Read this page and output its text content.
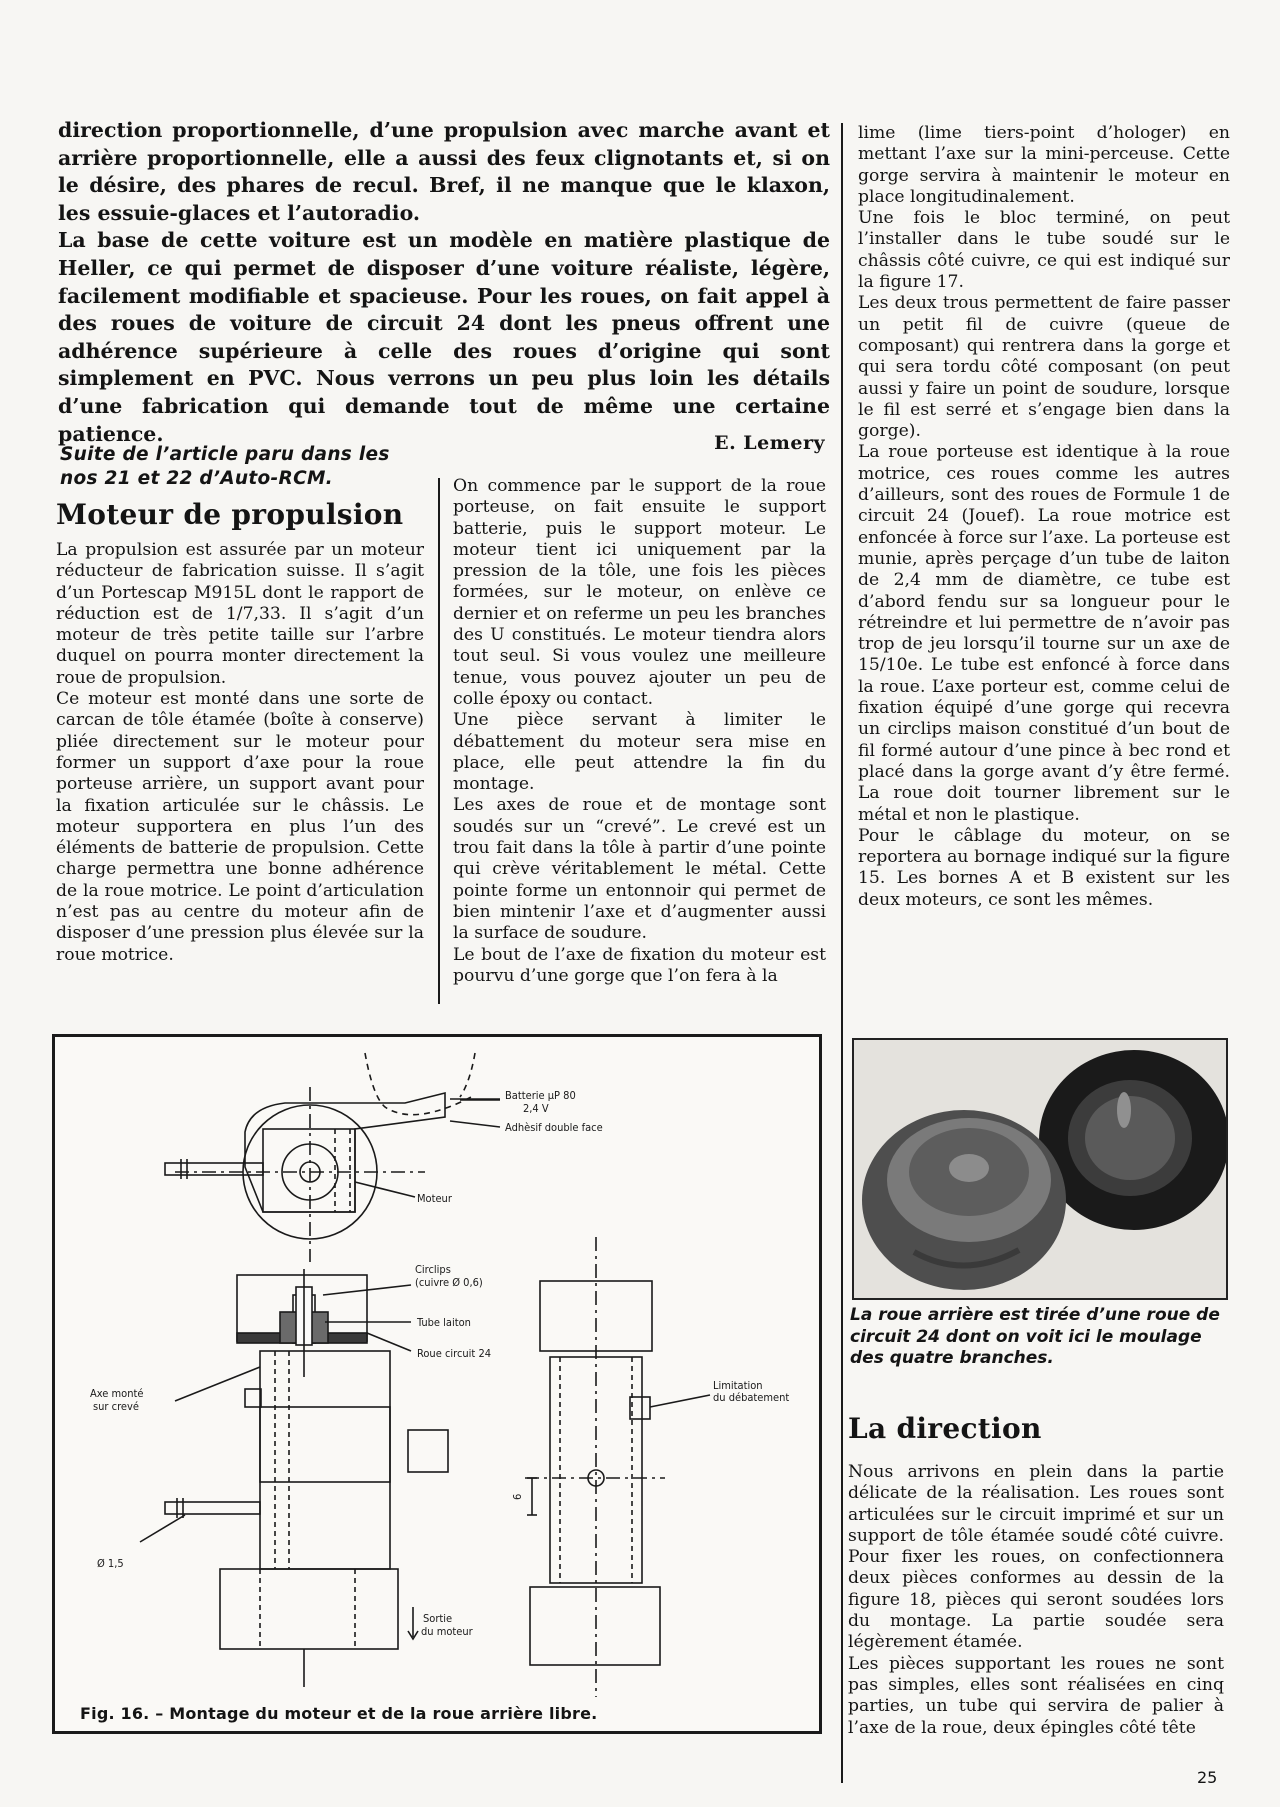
direction proportionnelle, d’une propulsion avec marche avant et arrière proportionnelle, elle a aussi des feux clignotants et, si on le désire, des phares de recul. Bref, il ne manque que le klaxon, les essuie-glaces et l’autoradio.

La base de cette voiture est un modèle en matière plastique de Heller, ce qui permet de disposer d’une voiture réaliste, légère, facilement modifiable et spacieuse. Pour les roues, on fait appel à des roues de voiture de circuit 24 dont les pneus offrent une adhérence supérieure à celle des roues d’origine qui sont simplement en PVC. Nous verrons un peu plus loin les détails d’une fabrication qui demande tout de même une certaine patience.	E. Lemery
Suite de l’article paru dans les
nos 21 et 22 d’Auto-RCM.
Moteur de propulsion

La propulsion est assurée par un moteur réducteur de fabrication suisse. Il s’agit d’un Portescap M915L dont le rapport de réduction est de 1/7,33. Il s’agit d’un moteur de très petite taille sur l’arbre duquel on pourra monter directement la roue de propulsion.

Ce moteur est monté dans une sorte de carcan de tôle étamée (boîte à conserve) pliée directement sur le moteur pour former un support d’axe pour la roue porteuse arrière, un support avant pour la fixation articulée sur le châssis. Le moteur supportera en plus l’un des éléments de batterie de propulsion. Cette charge permettra une bonne adhérence de la roue motrice. Le point d’articulation n’est pas au centre du moteur afin de disposer d’une pression plus élevée sur la roue motrice.

On commence par le support de la roue porteuse, on fait ensuite le support batterie, puis le support moteur. Le moteur tient ici uniquement par la pression de la tôle, une fois les pièces formées, sur le moteur, on enlève ce dernier et on referme un peu les branches des U constitués. Le moteur tiendra alors tout seul. Si vous voulez une meilleure tenue, vous pouvez ajouter un peu de colle époxy ou contact.

Une pièce servant à limiter le débattement du moteur sera mise en place, elle peut attendre la fin du montage.

Les axes de roue et de montage sont soudés sur un “crevé”. Le crevé est un trou fait dans la tôle à partir d’une pointe qui crève véritablement le métal. Cette pointe forme un entonnoir qui permet de bien mintenir l’axe et d’augmenter aussi la surface de soudure.

Le bout de l’axe de fixation du moteur est pourvu d’une gorge que l’on fera à la

lime (lime tiers-point d’hologer) en mettant l’axe sur la mini-perceuse. Cette gorge servira à maintenir le moteur en place longitudinalement.

Une fois le bloc terminé, on peut l’installer dans le tube soudé sur le châssis côté cuivre, ce qui est indiqué sur la figure 17.

Les deux trous permettent de faire passer un petit fil de cuivre (queue de composant) qui rentrera dans la gorge et qui sera tordu côté composant (on peut aussi y faire un point de soudure, lorsque le fil est serré et s’engage bien dans la gorge).

La roue porteuse est identique à la roue motrice, ces roues comme les autres d’ailleurs, sont des roues de Formule 1 de circuit 24 (Jouef). La roue motrice est enfoncée à force sur l’axe. La porteuse est munie, après perçage d’un tube de laiton de 2,4 mm de diamètre, ce tube est d’abord fendu sur sa longueur pour le rétreindre et lui permettre de n’avoir pas trop de jeu lorsqu’il tourne sur un axe de 15/10e. Le tube est enfoncé à force dans la roue. L’axe porteur est, comme celui de fixation équipé d’une gorge qui recevra un circlips maison constitué d’un bout de fil formé autour d’une pince à bec rond et placé dans la gorge avant d’y être fermé. La roue doit tourner librement sur le métal et non le plastique.

Pour le câblage du moteur, on se reportera au bornage indiqué sur la figure 15. Les bornes A et B existent sur les deux moteurs, ce sont les mêmes.

Batterie µP 80
2,4 V
Adhèsif double face
Moteur
Circlips
(cuivre Ø 0,6)
Tube laiton
Roue circuit 24
Axe monté
sur crevé
Limitation
du débatement
Ø 1,5
6
Sortie
du moteur
Fig. 16. – Montage du moteur et de la roue arrière libre.
La roue arrière est tirée d’une roue de circuit 24 dont on voit ici le moulage des quatre branches.
La direction

Nous arrivons en plein dans la partie délicate de la réalisation. Les roues sont articulées sur le circuit imprimé et sur un support de tôle étamée soudé côté cuivre. Pour fixer les roues, on confectionnera deux pièces conformes au dessin de la figure 18, pièces qui seront soudées lors du montage. La partie soudée sera légèrement étamée.

Les pièces supportant les roues ne sont pas simples, elles sont réalisées en cinq parties, un tube qui servira de palier à l’axe de la roue, deux épingles côté tête

25
